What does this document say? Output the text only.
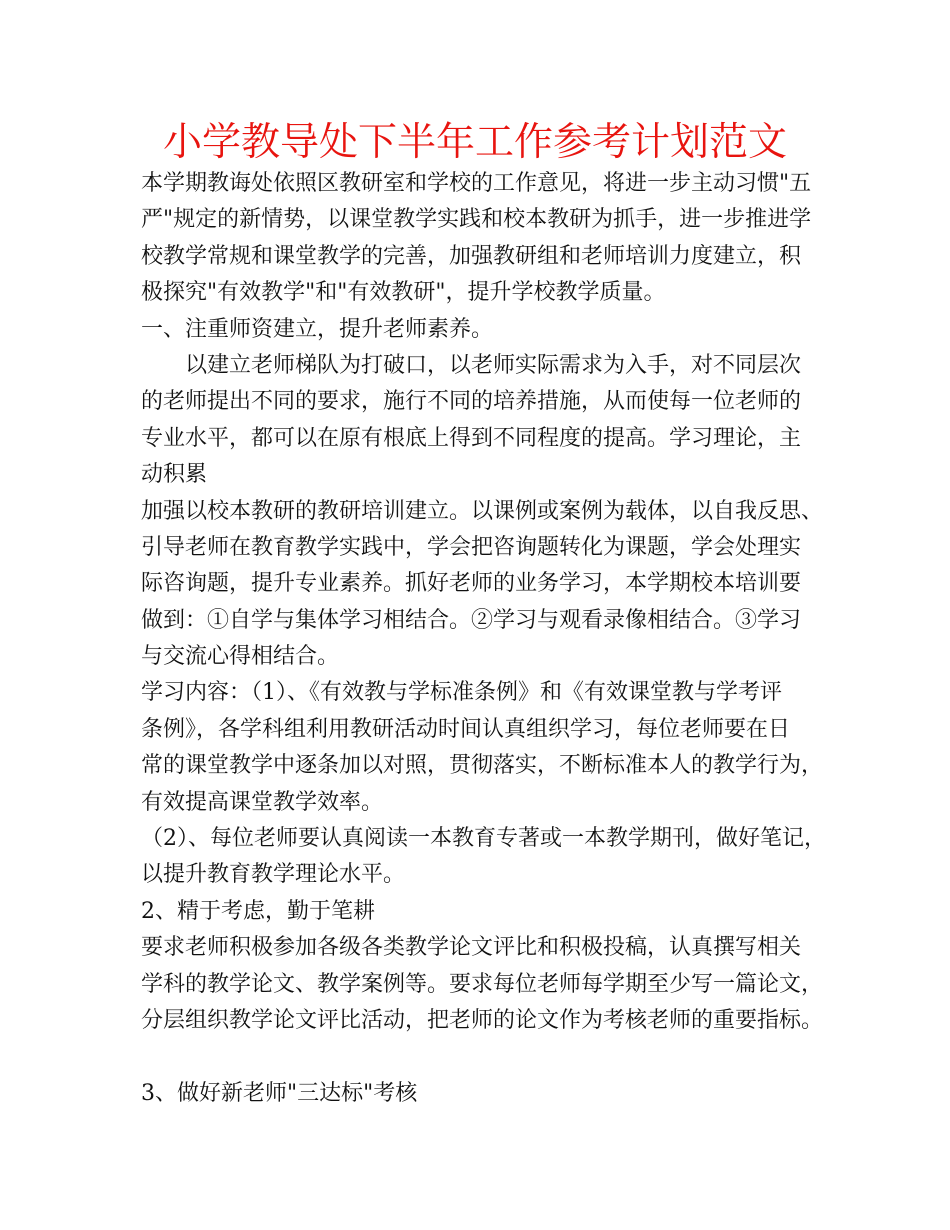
小学教导处下半年工作参考计划范文
本学期教诲处依照区教研室和学校的工作意见，将进一步主动习惯"五
严"规定的新情势，以课堂教学实践和校本教研为抓手，进一步推进学
校教学常规和课堂教学的完善，加强教研组和老师培训力度建立，积
极探究"有效教学"和"有效教研"，提升学校教学质量。
一、注重师资建立，提升老师素养。
　　以建立老师梯队为打破口，以老师实际需求为入手，对不同层次
的老师提出不同的要求，施行不同的培养措施，从而使每一位老师的
专业水平，都可以在原有根底上得到不同程度的提高。学习理论，主
动积累
加强以校本教研的教研培训建立。以课例或案例为载体，以自我反思、
引导老师在教育教学实践中，学会把咨询题转化为课题，学会处理实
际咨询题，提升专业素养。抓好老师的业务学习，本学期校本培训要
做到：①自学与集体学习相结合。②学习与观看录像相结合。③学习
与交流心得相结合。
学习内容：（1）、《有效教与学标准条例》和《有效课堂教与学考评
条例》，各学科组利用教研活动时间认真组织学习，每位老师要在日
常的课堂教学中逐条加以对照，贯彻落实，不断标准本人的教学行为，
有效提高课堂教学效率。
（2）、每位老师要认真阅读一本教育专著或一本教学期刊，做好笔记，
以提升教育教学理论水平。
2、精于考虑，勤于笔耕
要求老师积极参加各级各类教学论文评比和积极投稿，认真撰写相关
学科的教学论文、教学案例等。要求每位老师每学期至少写一篇论文，
分层组织教学论文评比活动，把老师的论文作为考核老师的重要指标。
3、做好新老师"三达标"考核
